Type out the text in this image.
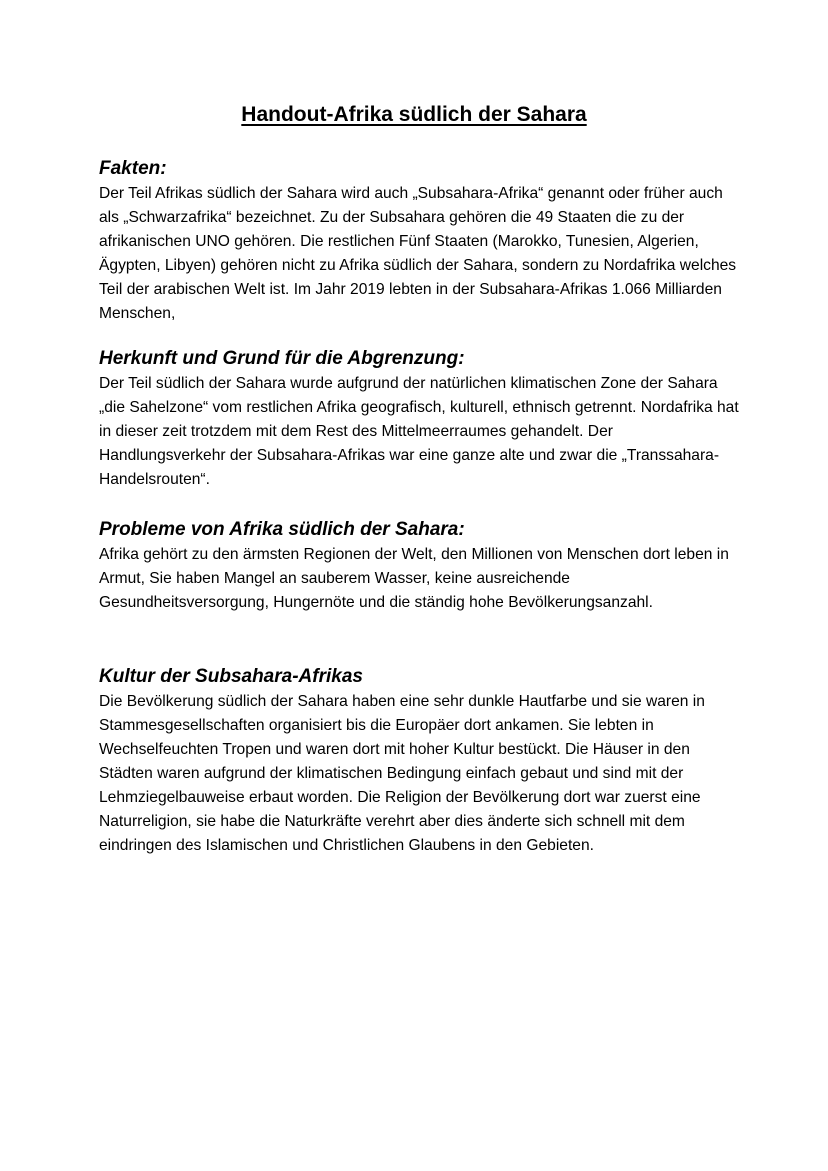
Handout-Afrika südlich der Sahara
Fakten:

Der Teil Afrikas südlich der Sahara wird auch „Subsahara-Afrika“ genannt oder früher auch als „Schwarzafrika“ bezeichnet. Zu der Subsahara gehören die 49 Staaten die zu der afrikanischen UNO gehören. Die restlichen Fünf Staaten (Marokko, Tunesien, Algerien, Ägypten, Libyen) gehören nicht zu Afrika südlich der Sahara, sondern zu Nordafrika welches Teil der arabischen Welt ist. Im Jahr 2019 lebten in der Subsahara-Afrikas 1.066 Milliarden Menschen,

Herkunft und Grund für die Abgrenzung:

Der Teil südlich der Sahara wurde aufgrund der natürlichen klimatischen Zone der Sahara „die Sahelzone“ vom restlichen Afrika geografisch, kulturell, ethnisch getrennt. Nordafrika hat in dieser zeit trotzdem mit dem Rest des Mittelmeerraumes gehandelt. Der Handlungsverkehr der Subsahara-Afrikas war eine ganze alte und zwar die „Transsahara-Handelsrouten“.

Probleme von Afrika südlich der Sahara:

Afrika gehört zu den ärmsten Regionen der Welt, den Millionen von Menschen dort leben in Armut, Sie haben Mangel an sauberem Wasser, keine ausreichende Gesundheitsversorgung, Hungernöte und die ständig hohe Bevölkerungsanzahl.

Kultur der Subsahara-Afrikas

Die Bevölkerung südlich der Sahara haben eine sehr dunkle Hautfarbe und sie waren in Stammesgesellschaften organisiert bis die Europäer dort ankamen. Sie lebten in Wechselfeuchten Tropen und waren dort mit hoher Kultur bestückt. Die Häuser in den Städten waren aufgrund der klimatischen Bedingung einfach gebaut und sind mit der Lehmziegelbauweise erbaut worden. Die Religion der Bevölkerung dort war zuerst eine Naturreligion, sie habe die Naturkräfte verehrt aber dies änderte sich schnell mit dem eindringen des Islamischen und Christlichen Glaubens in den Gebieten.
